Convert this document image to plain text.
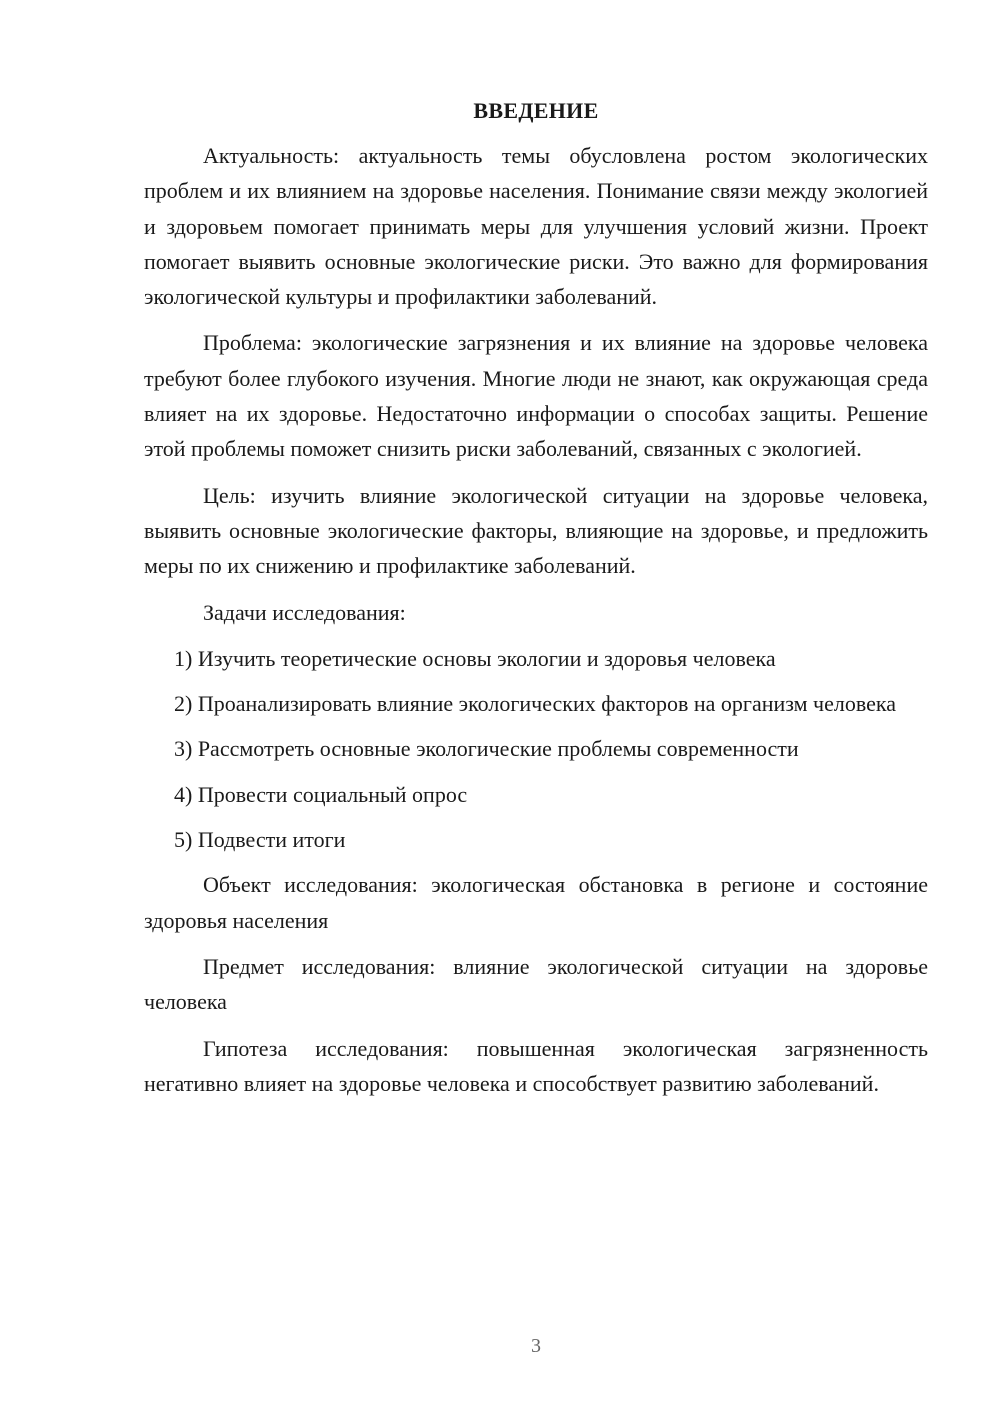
ВВЕДЕНИЕ

Актуальность: актуальность темы обусловлена ростом экологических проблем и их влиянием на здоровье населения. Понимание связи между экологией и здоровьем помогает принимать меры для улучшения условий жизни. Проект помогает выявить основные экологические риски. Это важно для формирования экологической культуры и профилактики заболеваний.

Проблема: экологические загрязнения и их влияние на здоровье человека требуют более глубокого изучения. Многие люди не знают, как окружающая среда влияет на их здоровье. Недостаточно информации о способах защиты. Решение этой проблемы поможет снизить риски заболеваний, связанных с экологией.

Цель: изучить влияние экологической ситуации на здоровье человека, выявить основные экологические факторы, влияющие на здоровье, и предложить меры по их снижению и профилактике заболеваний.

Задачи исследования:

1) Изучить теоретические основы экологии и здоровья человека

2) Проанализировать влияние экологических факторов на организм человека

3) Рассмотреть основные экологические проблемы современности

4) Провести социальный опрос

5) Подвести итоги

Объект исследования: экологическая обстановка в регионе и состояние здоровья населения

Предмет исследования: влияние экологической ситуации на здоровье человека

Гипотеза исследования: повышенная экологическая загрязненность негативно влияет на здоровье человека и способствует развитию заболеваний.

3
